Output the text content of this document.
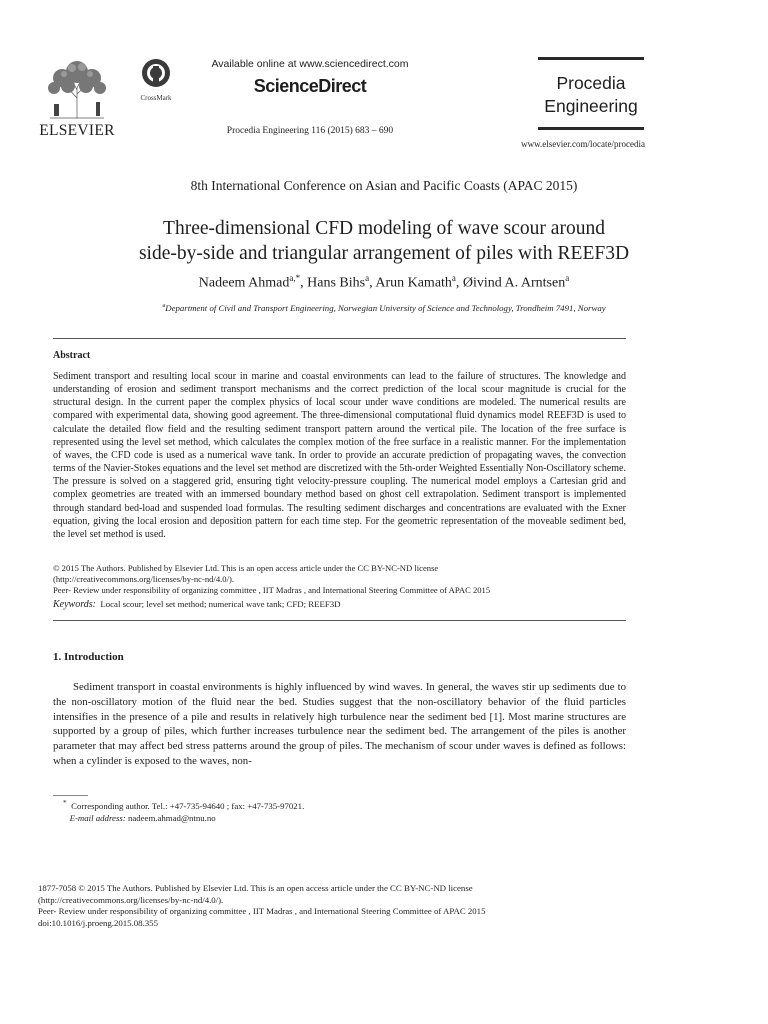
ELSEVIER
CrossMark
Available online at www.sciencedirect.com
ScienceDirect
Procedia Engineering 116 (2015) 683 – 690
Procedia
Engineering
www.elsevier.com/locate/procedia
8th International Conference on Asian and Pacific Coasts (APAC 2015)
Three-dimensional CFD modeling of wave scour around
side-by-side and triangular arrangement of piles with REEF3D
Nadeem Ahmad$^{a,*}$, Hans Bihs$^a$, Arun Kamath$^a$, Øivind A. Arntsen$^a$
$^a$Department of Civil and Transport Engineering, Norwegian University of Science and Technology, Trondheim 7491, Norway
Abstract
Sediment transport and resulting local scour in marine and coastal environments can lead to the failure of structures. The knowledge and understanding of erosion and sediment transport mechanisms and the correct prediction of the local scour magnitude is crucial for the structural design. In the current paper the complex physics of local scour under wave conditions are modeled. The numerical results are compared with experimental data, showing good agreement. The three-dimensional computational fluid dynamics model REEF3D is used to calculate the detailed flow field and the resulting sediment transport pattern around the vertical pile. The location of the free surface is represented using the level set method, which calculates the complex motion of the free surface in a realistic manner. For the implementation of waves, the CFD code is used as a numerical wave tank. In order to provide an accurate prediction of propagating waves, the convection terms of the Navier-Stokes equations and the level set method are discretized with the 5th-order Weighted Essentially Non-Oscillatory scheme. The pressure is solved on a staggered grid, ensuring tight velocity-pressure coupling. The numerical model employs a Cartesian grid and complex geometries are treated with an immersed boundary method based on ghost cell extrapolation. Sediment transport is implemented through standard bed-load and suspended load formulas. The resulting sediment discharges and concentrations are evaluated with the Exner equation, giving the local erosion and deposition pattern for each time step. For the geometric representation of the moveable sediment bed, the level set method is used.
© 2015 The Authors. Published by Elsevier Ltd. This is an open access article under the CC BY-NC-ND license
(http://creativecommons.org/licenses/by-nc-nd/4.0/).
Peer- Review under responsibility of organizing committee , IIT Madras , and International Steering Committee of APAC 2015
Keywords: Local scour; level set method; numerical wave tank; CFD; REEF3D
1. Introduction

Sediment transport in coastal environments is highly influenced by wind waves. In general, the waves stir up sediments due to the non-oscillatory motion of the fluid near the bed. Studies suggest that the non-oscillatory behavior of the fluid particles intensifies in the presence of a pile and results in relatively high turbulence near the sediment bed [1]. Most marine structures are supported by a group of piles, which further increases turbulence near the sediment bed. The arrangement of the piles is another parameter that may affect bed stress patterns around the group of piles. The mechanism of scour under waves is defined as follows: when a cylinder is exposed to the waves, non-

* Corresponding author. Tel.: +47-735-94640 ; fax: +47-735-97021.
E-mail address: nadeem.ahmad@ntnu.no
1877-7058 © 2015 The Authors. Published by Elsevier Ltd. This is an open access article under the CC BY-NC-ND license
(http://creativecommons.org/licenses/by-nc-nd/4.0/).
Peer- Review under responsibility of organizing committee , IIT Madras , and International Steering Committee of APAC 2015
doi:10.1016/j.proeng.2015.08.355
